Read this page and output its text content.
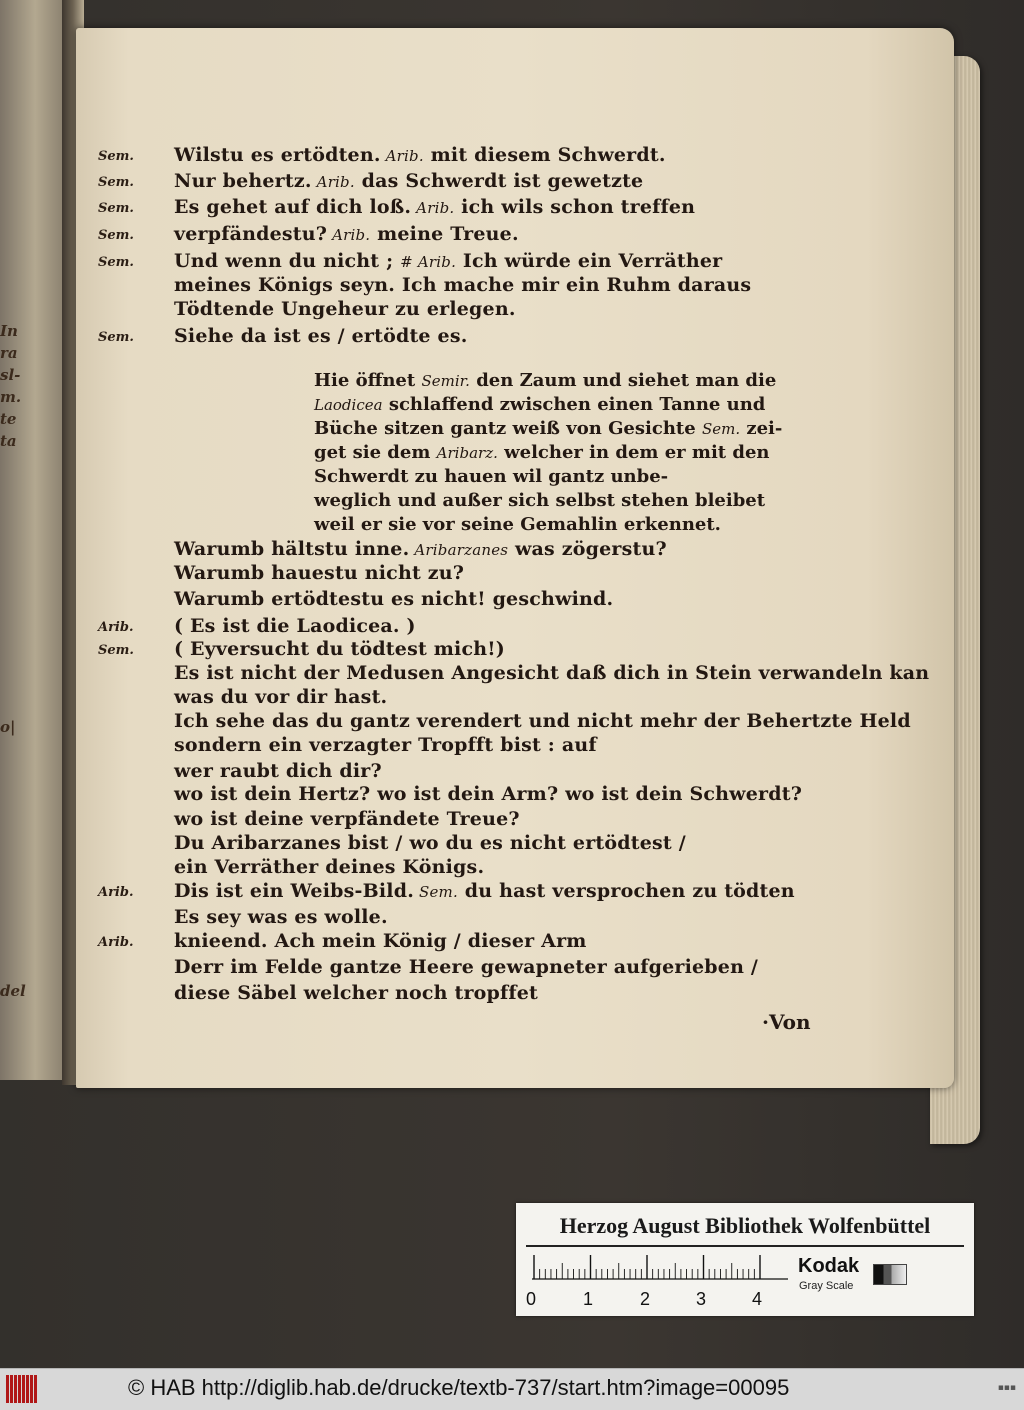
In
ra
sl-
m.
te
ta
o|
del
Sem. Wilstu es ertödten. Arib. mit diesem Schwerdt.
Sem. Nur behertz. Arib. das Schwerdt ist gewetzte
Sem. Es gehet auf dich loß. Arib. ich wils schon treffen
Sem. verpfändestu? Arib. meine Treue.
Sem. Und wenn du nicht ; # Arib. Ich würde ein Verräther
meines Königs seyn. Ich mache mir ein Ruhm daraus
Tödtende Ungeheur zu erlegen.
Sem. Siehe da ist es / ertödte es.
Hie öffnet Semir. den Zaum und siehet man die
Laodicea schlaffend zwischen einen Tanne und
Büche sitzen gantz weiß von Gesichte Sem. zei-
get sie dem Aribarz. welcher in dem er mit den
Schwerdt zu hauen wil gantz unbe-
weglich und außer sich selbst stehen bleibet
weil er sie vor seine Gemahlin erkennet.
Warumb hältstu inne. Aribarzanes was zögerstu?
Warumb hauestu nicht zu?
Warumb ertödtestu es nicht! geschwind.
Arib. ( Es ist die Laodicea. )
Sem. ( Eyversucht du tödtest mich!)
Es ist nicht der Medusen Angesicht daß dich in Stein verwandeln kan
was du vor dir hast.
Ich sehe das du gantz verendert und nicht mehr der Behertzte Held
sondern ein verzagter Tropfft bist : auf
wer raubt dich dir?
wo ist dein Hertz? wo ist dein Arm? wo ist dein Schwerdt?
wo ist deine verpfändete Treue?
Du Aribarzanes bist / wo du es nicht ertödtest /
ein Verräther deines Königs.
Arib. Dis ist ein Weibs-Bild. Sem. du hast versprochen zu tödten
Es sey was es wolle.
Arib. knieend. Ach mein König / dieser Arm
Derr im Felde gantze Heere gewapneter aufgerieben /
diese Säbel welcher noch tropffet
·Von
Herzog August Bibliothek Wolfenbüttel
0	1	2	3	4
Kodak
Gray Scale
© HAB http://diglib.hab.de/drucke/textb-737/start.htm?image=00095	▪▪▪
